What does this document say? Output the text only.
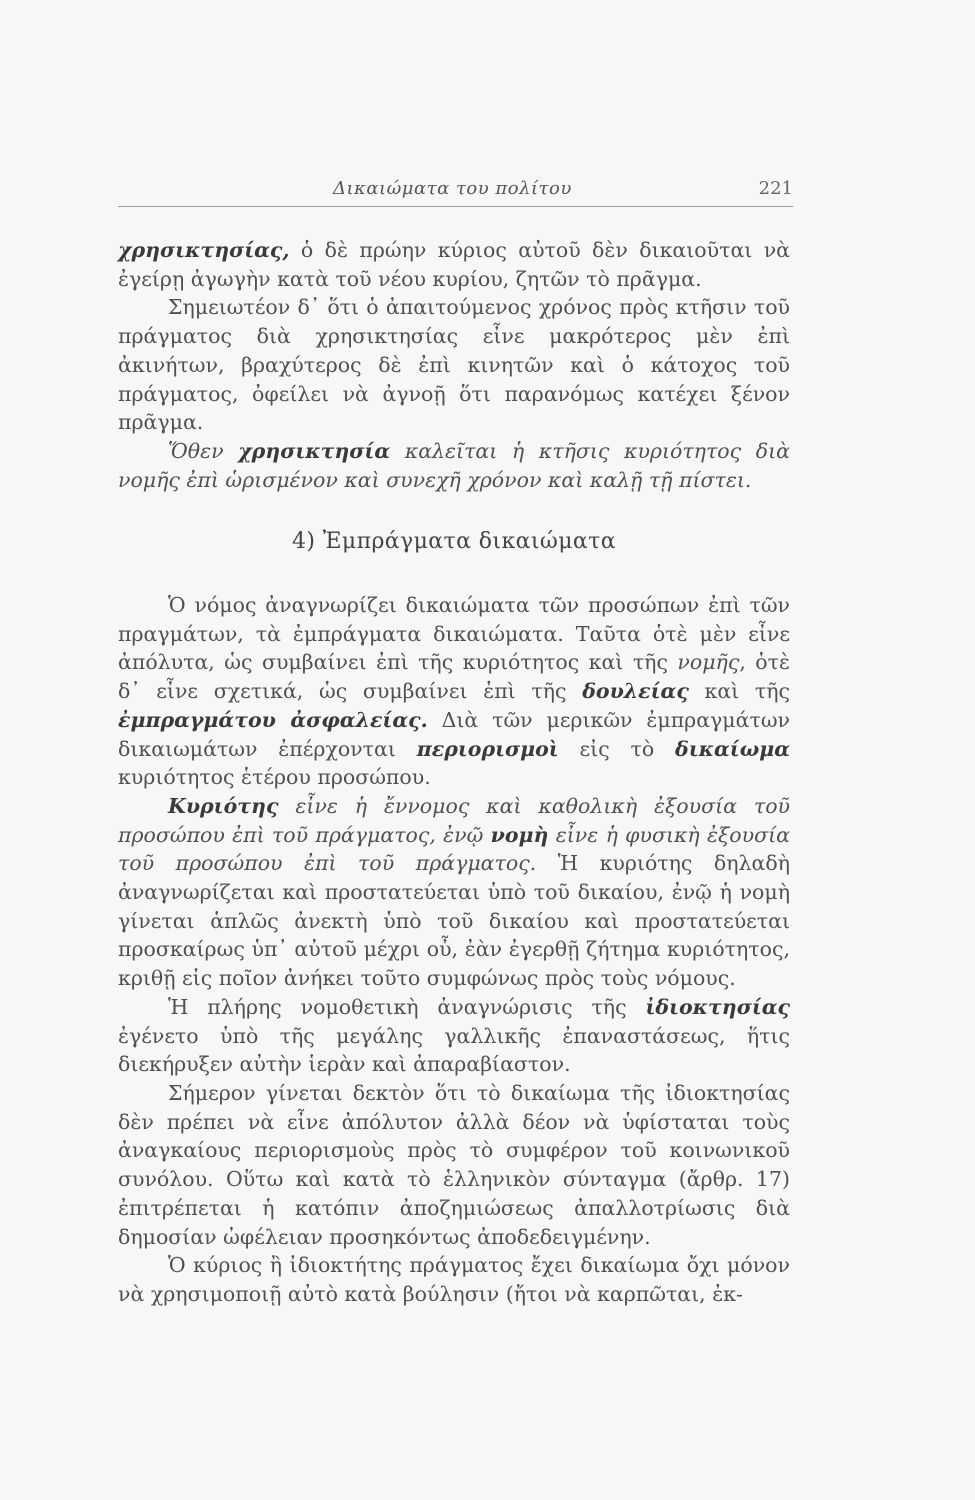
Δικαιώματα του πολίτου	221

χρησικτησίας, ὁ δὲ πρώην κύριος αὐτοῦ δὲν δικαιοῦται νὰ ἐγείρῃ ἀγωγὴν κατὰ τοῦ νέου κυρίου, ζητῶν τὸ πρᾶγμα.

Σημειωτέον δ᾿ ὅτι ὁ ἀπαιτούμενος χρόνος πρὸς κτῆσιν τοῦ πράγματος διὰ χρησικτησίας εἶνε μακρότερος μὲν ἐπὶ ἀκινήτων, βραχύτερος δὲ ἐπὶ κινητῶν καὶ ὁ κάτοχος τοῦ πράγματος, ὀφείλει νὰ ἀγνοῇ ὅτι παρανόμως κατέχει ξένον πρᾶγμα.

Ὅθεν χρησικτησία καλεῖται ἡ κτῆσις κυριότητος διὰ νομῆς ἐπὶ ὡρισμένον καὶ συνεχῆ χρόνον καὶ καλῇ τῇ πίστει.

4) Ἐμπράγματα δικαιώματα

Ὁ νόμος ἀναγνωρίζει δικαιώματα τῶν προσώπων ἐπὶ τῶν πραγμάτων, τὰ ἐμπράγματα δικαιώματα. Ταῦτα ὁτὲ μὲν εἶνε ἀπόλυτα, ὡς συμβαίνει ἐπὶ τῆς κυριότητος καὶ τῆς νομῆς, ὁτὲ δ᾿ εἶνε σχετικά, ὡς συμβαίνει ἐπὶ τῆς δουλείας καὶ τῆς ἐμπραγμάτου ἀσφαλείας. Διὰ τῶν μερικῶν ἐμπραγμάτων δικαιωμάτων ἐπέρχονται περιορισμοὶ εἰς τὸ δικαίωμα κυριότητος ἑτέρου προσώπου.

Κυριότης εἶνε ἡ ἔννομος καὶ καθολικὴ ἐξουσία τοῦ προσώπου ἐπὶ τοῦ πράγματος, ἐνῷ νομὴ εἶνε ἡ φυσικὴ ἐξουσία τοῦ προσώπου ἐπὶ τοῦ πράγματος. Ἡ κυριότης δηλαδὴ ἀναγνωρίζεται καὶ προστατεύεται ὑπὸ τοῦ δικαίου, ἐνῷ ἡ νομὴ γίνεται ἁπλῶς ἀνεκτὴ ὑπὸ τοῦ δικαίου καὶ προστατεύεται προσκαίρως ὑπ᾿ αὐτοῦ μέχρι οὗ, ἐὰν ἐγερθῇ ζήτημα κυριότητος, κριθῇ εἰς ποῖον ἀνήκει τοῦτο συμφώνως πρὸς τοὺς νόμους.

Ἡ πλήρης νομοθετικὴ ἀναγνώρισις τῆς ἰδιοκτησίας ἐγένετο ὑπὸ τῆς μεγάλης γαλλικῆς ἐπαναστάσεως, ἥτις διεκήρυξεν αὐτὴν ἱερὰν καὶ ἀπαραβίαστον.

Σήμερον γίνεται δεκτὸν ὅτι τὸ δικαίωμα τῆς ἰδιοκτησίας δὲν πρέπει νὰ εἶνε ἀπόλυτον ἀλλὰ δέον νὰ ὑφίσταται τοὺς ἀναγκαίους περιορισμοὺς πρὸς τὸ συμφέρον τοῦ κοινωνικοῦ συνόλου. Οὕτω καὶ κατὰ τὸ ἑλληνικὸν σύνταγμα (ἄρθρ. 17) ἐπιτρέπεται ἡ κατόπιν ἀποζημιώσεως ἀπαλλοτρίωσις διὰ δημοσίαν ὠφέλειαν προσηκόντως ἀποδεδειγμένην.

Ὁ κύριος ἢ ἰδιοκτήτης πράγματος ἔχει δικαίωμα ὄχι μόνον νὰ χρησιμοποιῇ αὐτὸ κατὰ βούλησιν (ἤτοι νὰ καρπῶται, ἐκ-
